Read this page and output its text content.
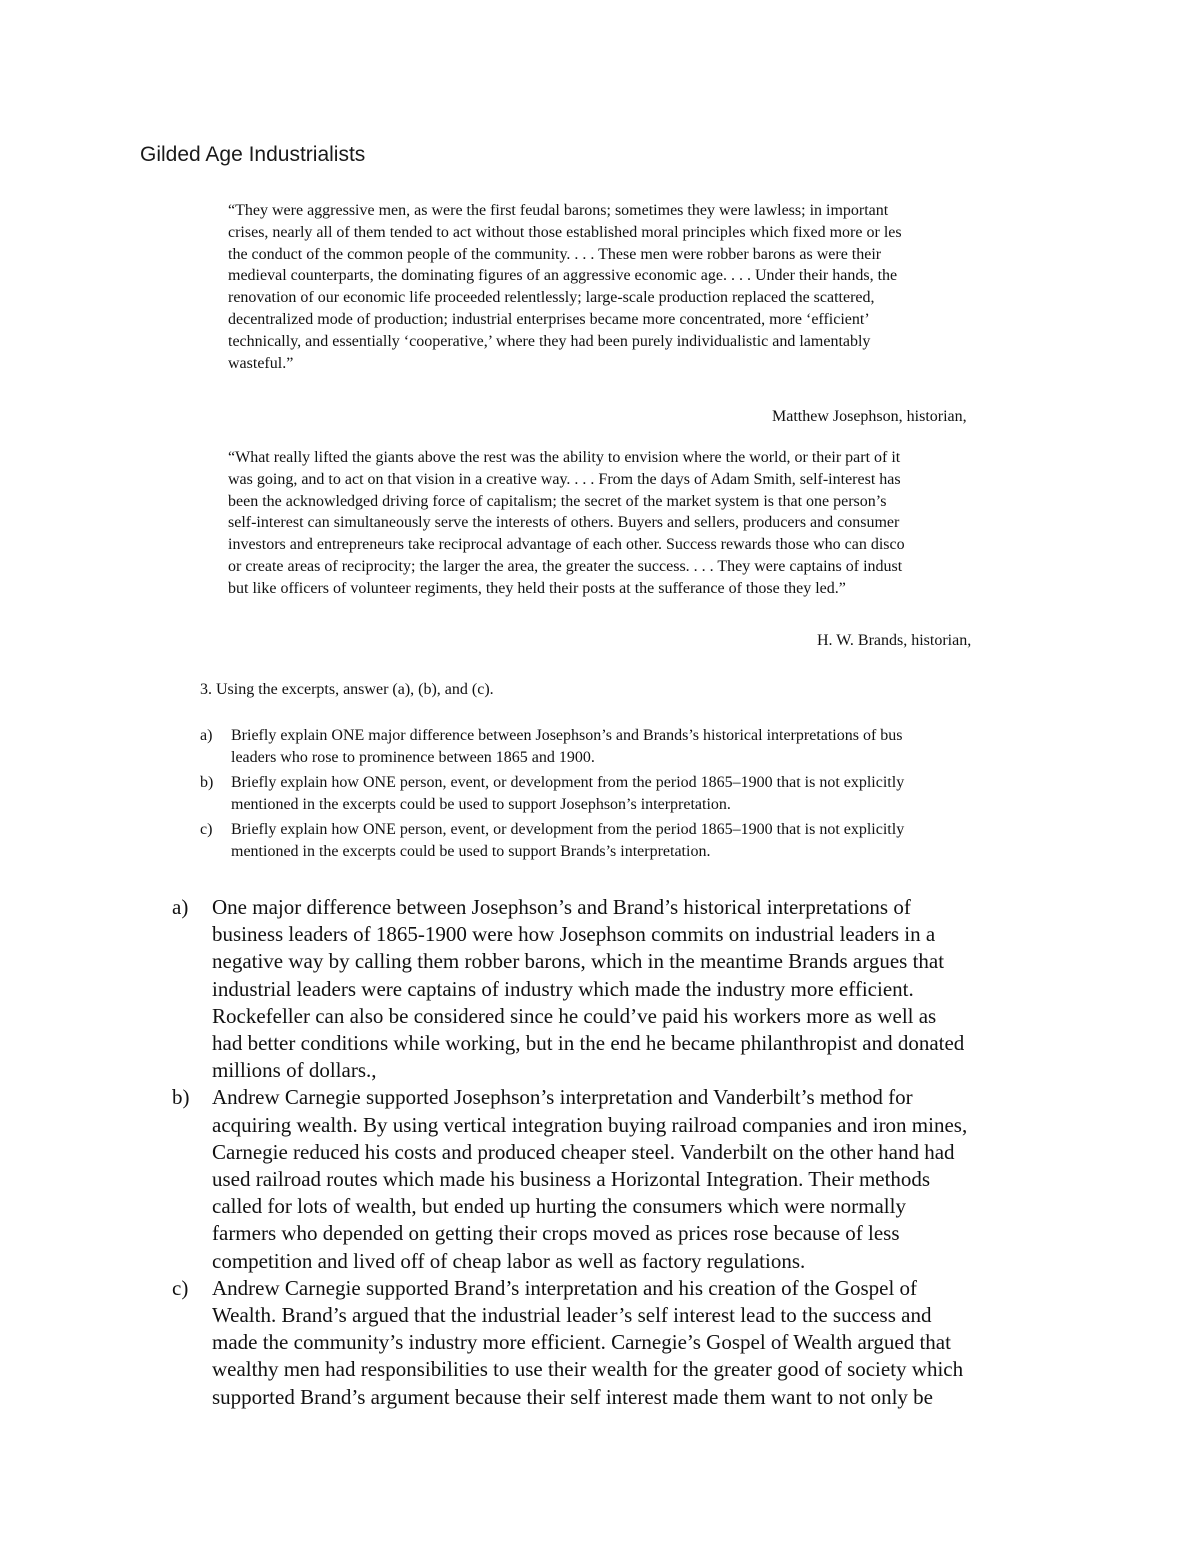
Gilded Age Industrialists
“They were aggressive men, as were the first feudal barons; sometimes they were lawless; in important
crises, nearly all of them tended to act without those established moral principles which fixed more or les
the conduct of the common people of the community. . . . These men were robber barons as were their
medieval counterparts, the dominating figures of an aggressive economic age. . . . Under their hands, the
renovation of our economic life proceeded relentlessly; large-scale production replaced the scattered,
decentralized mode of production; industrial enterprises became more concentrated, more ‘efficient’
technically, and essentially ‘cooperative,’ where they had been purely individualistic and lamentably
wasteful.”
Matthew Josephson, historian,
“What really lifted the giants above the rest was the ability to envision where the world, or their part of it
was going, and to act on that vision in a creative way. . . . From the days of Adam Smith, self-interest has
been the acknowledged driving force of capitalism; the secret of the market system is that one person’s
self-interest can simultaneously serve the interests of others. Buyers and sellers, producers and consumer
investors and entrepreneurs take reciprocal advantage of each other. Success rewards those who can disco
or create areas of reciprocity; the larger the area, the greater the success. . . . They were captains of indust
but like officers of volunteer regiments, they held their posts at the sufferance of those they led.”
H. W. Brands, historian,
3. Using the excerpts, answer (a), (b), and (c).
a) Briefly explain ONE major difference between Josephson’s and Brands’s historical interpretations of bus
leaders who rose to prominence between 1865 and 1900.
b) Briefly explain how ONE person, event, or development from the period 1865–1900 that is not explicitly
mentioned in the excerpts could be used to support Josephson’s interpretation.
c) Briefly explain how ONE person, event, or development from the period 1865–1900 that is not explicitly
mentioned in the excerpts could be used to support Brands’s interpretation.
a) One major difference between Josephson’s and Brand’s historical interpretations of
business leaders of 1865-1900 were how Josephson commits on industrial leaders in a
negative way by calling them robber barons, which in the meantime Brands argues that
industrial leaders were captains of industry which made the industry more efficient.
Rockefeller can also be considered since he could’ve paid his workers more as well as
had better conditions while working, but in the end he became philanthropist and donated
millions of dollars.,
b) Andrew Carnegie supported Josephson’s interpretation and Vanderbilt’s method for
acquiring wealth. By using vertical integration buying railroad companies and iron mines,
Carnegie reduced his costs and produced cheaper steel. Vanderbilt on the other hand had
used railroad routes which made his business a Horizontal Integration. Their methods
called for lots of wealth, but ended up hurting the consumers which were normally
farmers who depended on getting their crops moved as prices rose because of less
competition and lived off of cheap labor as well as factory regulations.
c) Andrew Carnegie supported Brand’s interpretation and his creation of the Gospel of
Wealth. Brand’s argued that the industrial leader’s self interest lead to the success and
made the community’s industry more efficient. Carnegie’s Gospel of Wealth argued that
wealthy men had responsibilities to use their wealth for the greater good of society which
supported Brand’s argument because their self interest made them want to not only be
